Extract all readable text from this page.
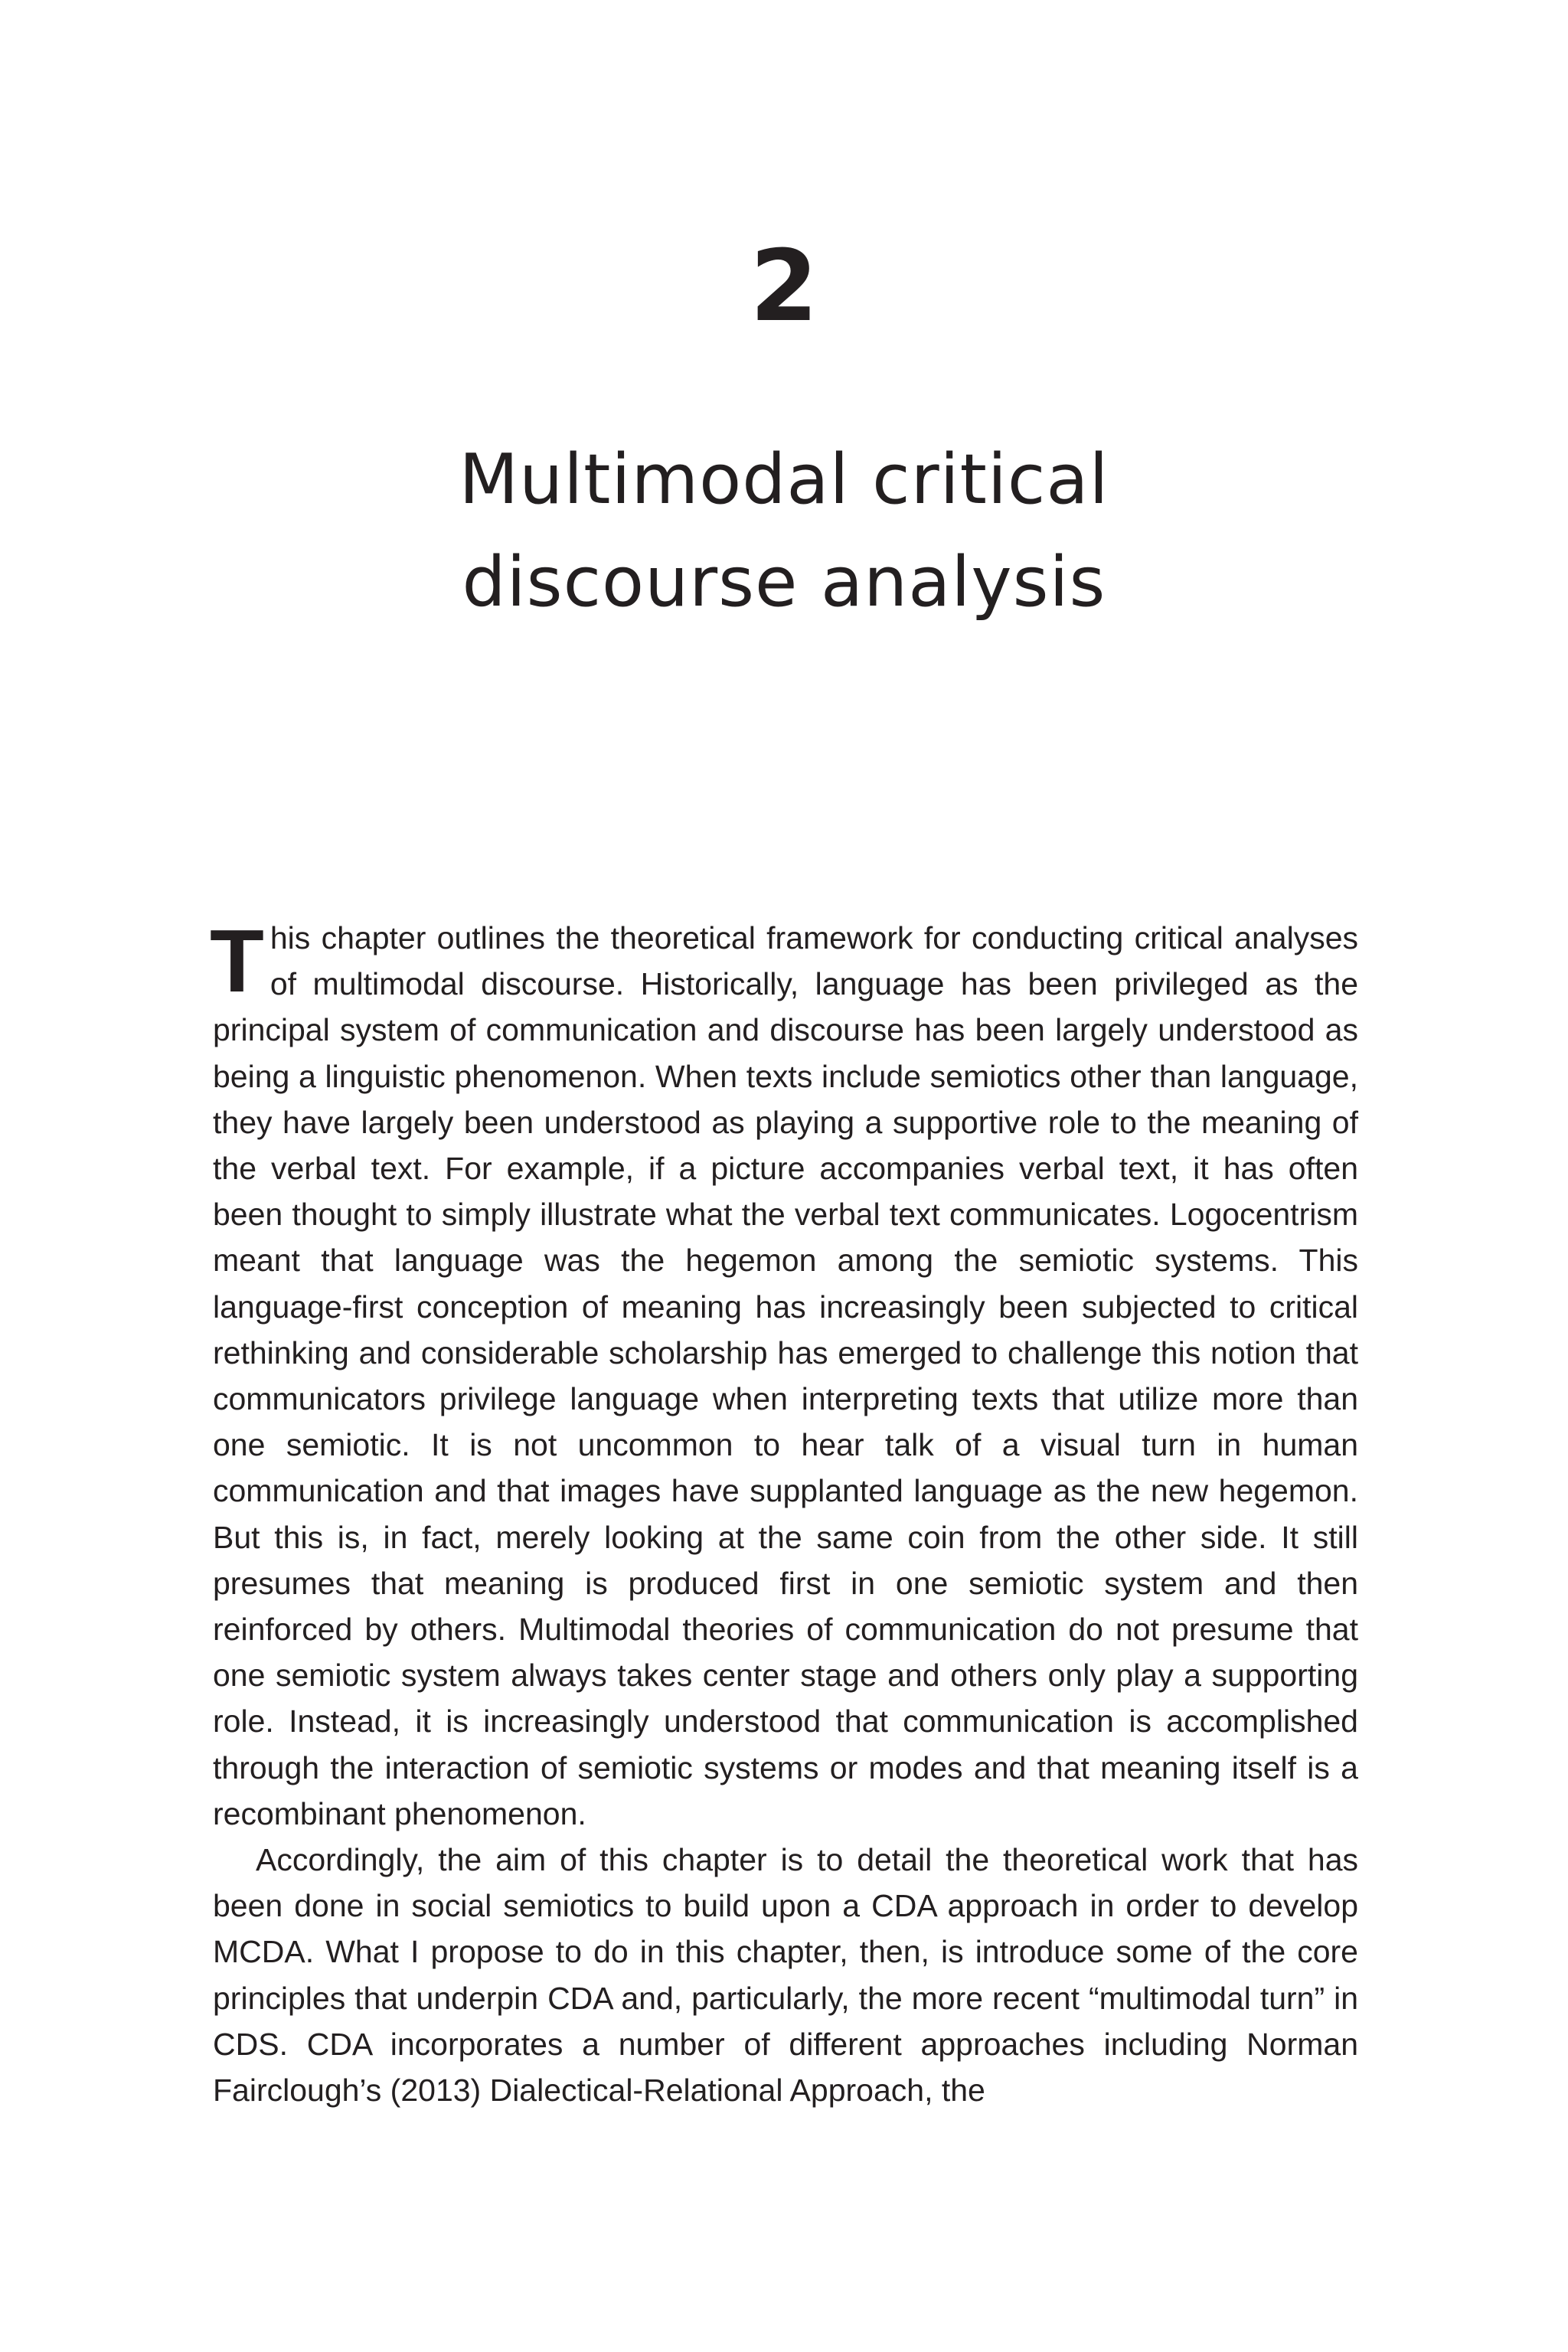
2
Multimodal critical
discourse analysis

This chapter outlines the theoretical framework for conducting critical analyses of multimodal discourse. Historically, language has been privileged as the principal system of communication and discourse has been largely understood as being a linguistic phenomenon. When texts include semiotics other than language, they have largely been understood as playing a supportive role to the meaning of the verbal text. For example, if a picture accompanies verbal text, it has often been thought to simply illustrate what the verbal text communicates. Logocentrism meant that language was the hegemon among the semiotic systems. This language-first conception of meaning has increasingly been subjected to critical rethinking and considerable scholarship has emerged to challenge this notion that communicators privilege language when interpreting texts that utilize more than one semiotic. It is not uncommon to hear talk of a visual turn in human communication and that images have supplanted language as the new hegemon. But this is, in fact, merely looking at the same coin from the other side. It still presumes that meaning is produced first in one semiotic system and then reinforced by others. Multimodal theories of communication do not presume that one semiotic system always takes center stage and others only play a supporting role. Instead, it is increasingly understood that communication is accomplished through the interaction of semiotic systems or modes and that meaning itself is a recombinant phenomenon.

Accordingly, the aim of this chapter is to detail the theoretical work that has been done in social semiotics to build upon a CDA approach in order to develop MCDA. What I propose to do in this chapter, then, is introduce some of the core principles that underpin CDA and, particularly, the more recent “multimodal turn” in CDS. CDA incorporates a number of different approaches including Norman Fairclough’s (2013) Dialectical-Relational Approach, the
